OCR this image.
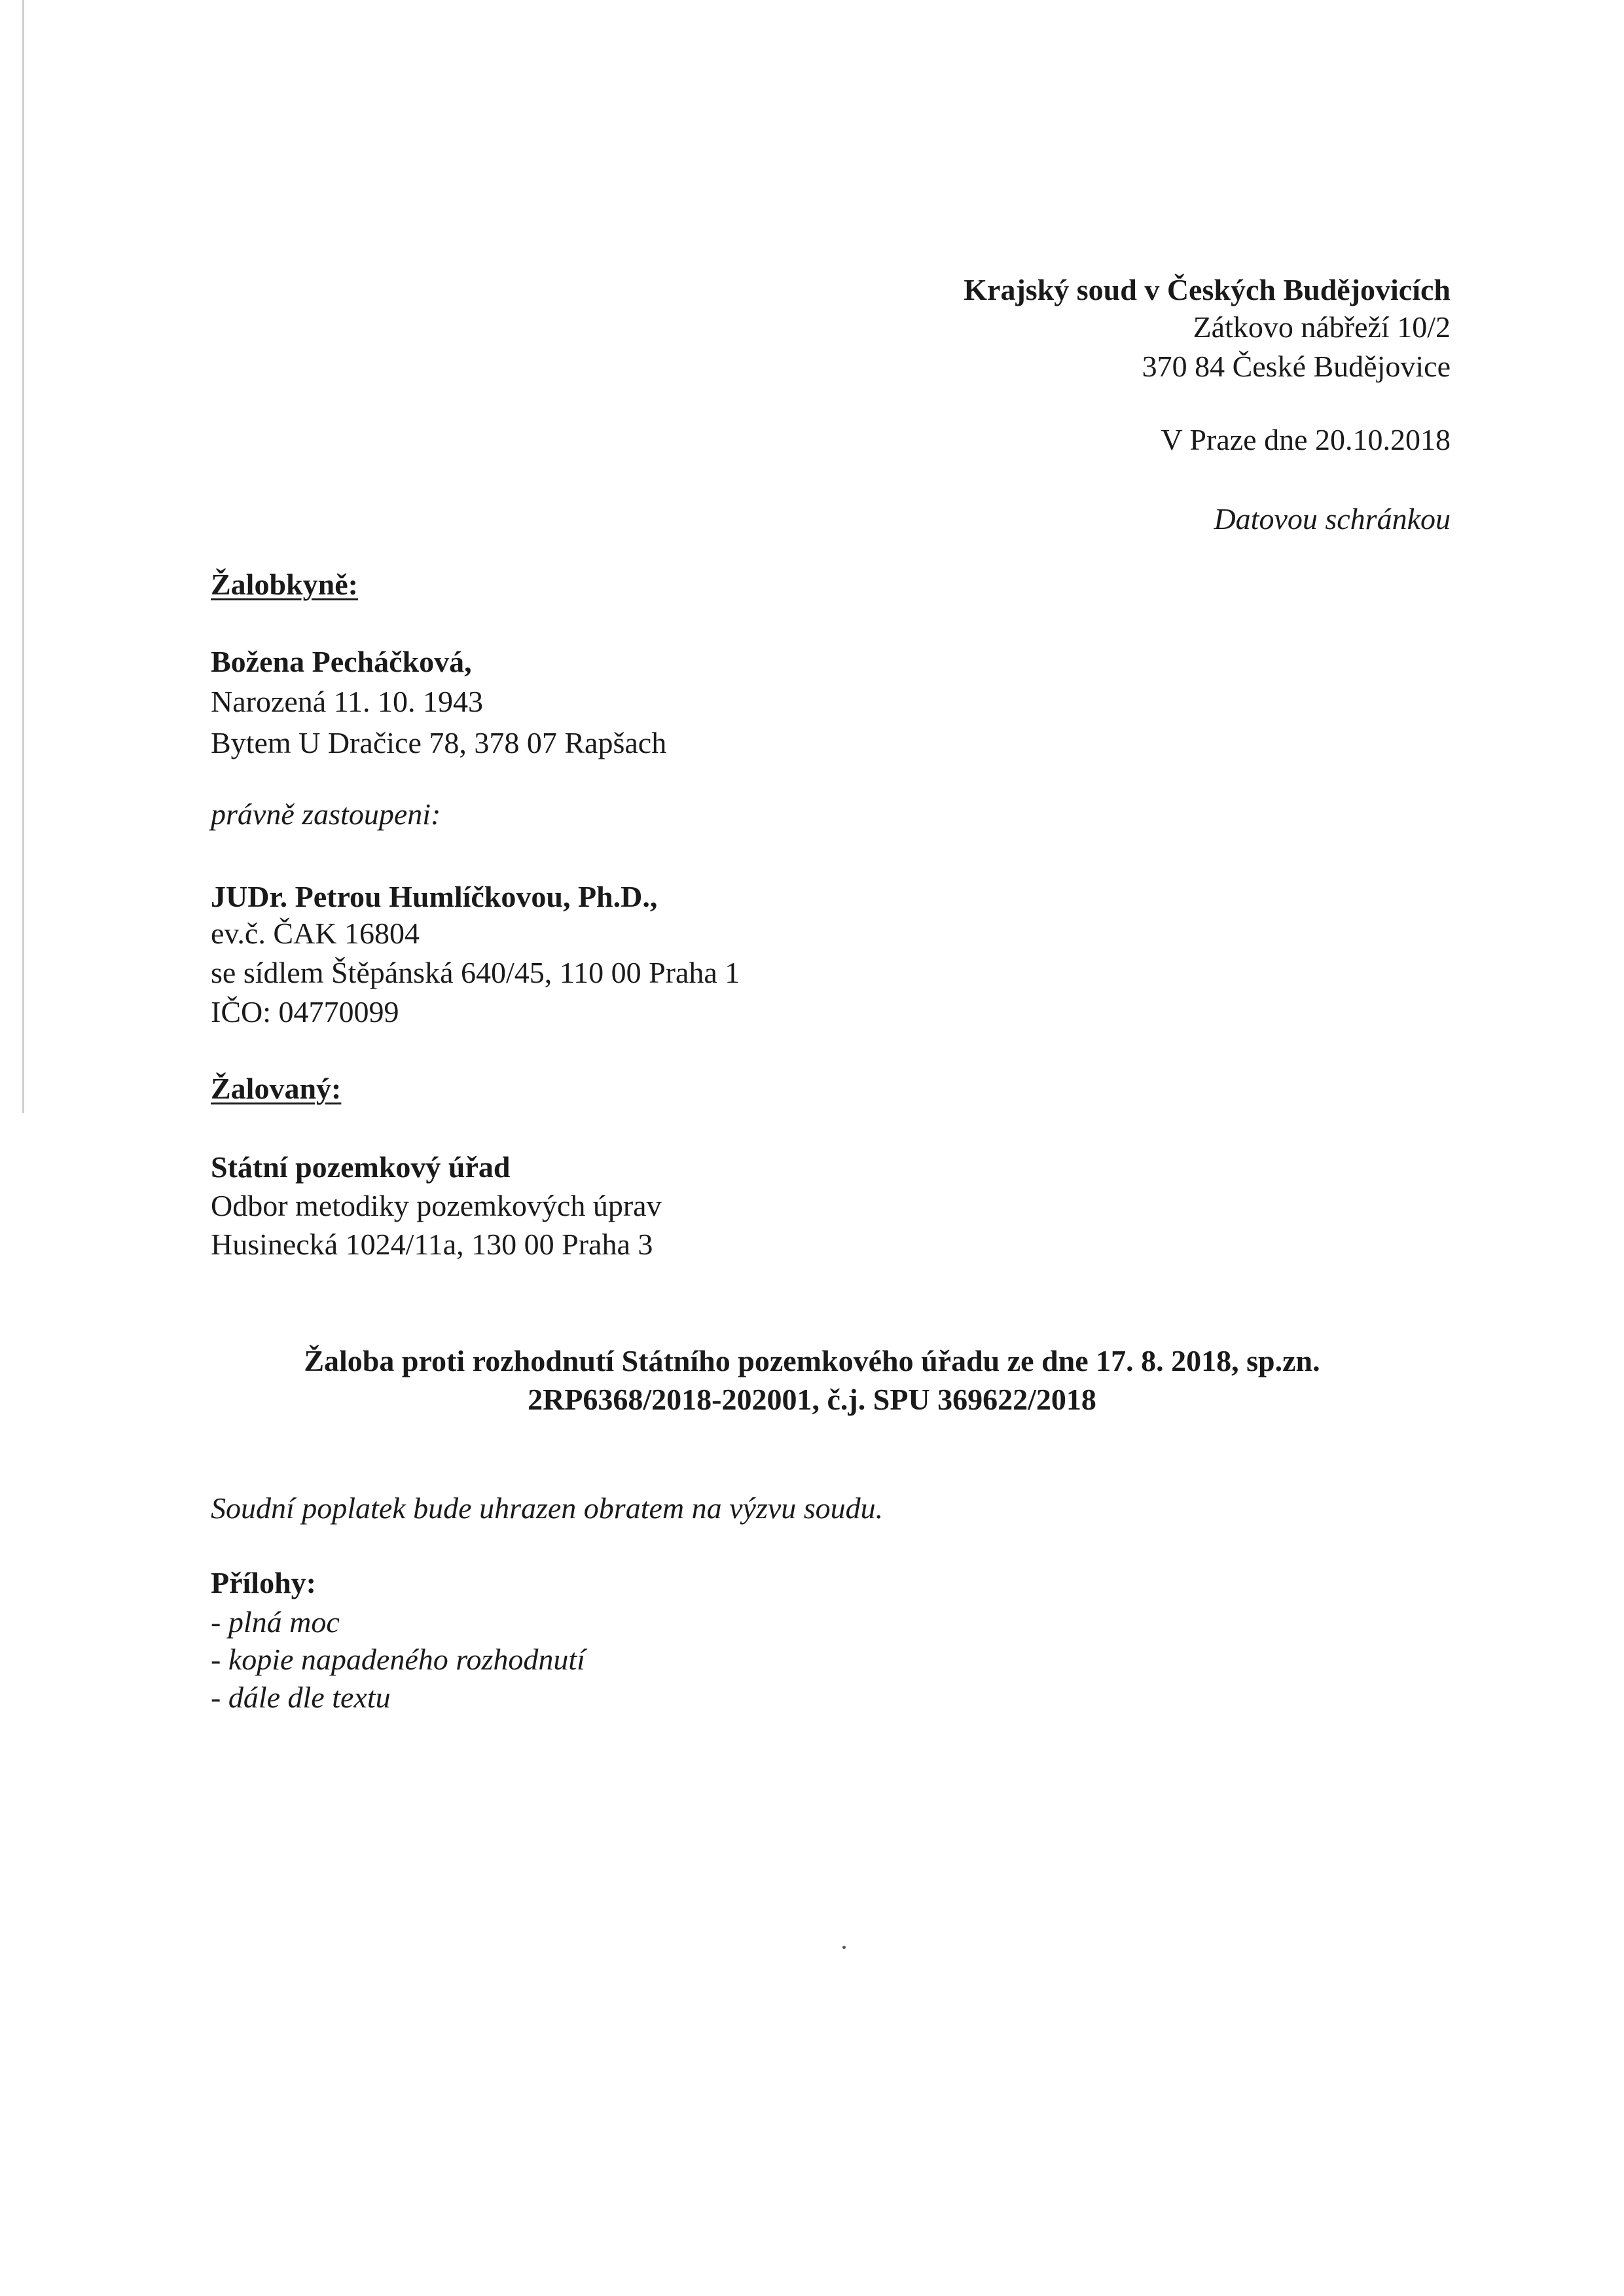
Krajský soud v Českých Budějovicích
Zátkovo nábřeží 10/2
370 84 České Budějovice
V Praze dne 20.10.2018
Datovou schránkou
Žalobkyně:
Božena Pecháčková,
Narozená 11. 10. 1943
Bytem U Dračice 78, 378 07 Rapšach
právně zastoupeni:
JUDr. Petrou Humlíčkovou, Ph.D.,
ev.č. ČAK 16804
se sídlem Štěpánská 640/45, 110 00 Praha 1
IČO: 04770099
Žalovaný:
Státní pozemkový úřad
Odbor metodiky pozemkových úprav
Husinecká 1024/11a, 130 00 Praha 3
Žaloba proti rozhodnutí Státního pozemkového úřadu ze dne 17. 8. 2018, sp.zn.
2RP6368/2018-202001, č.j. SPU 369622/2018
Soudní poplatek bude uhrazen obratem na výzvu soudu.
Přílohy:
- plná moc
- kopie napadeného rozhodnutí
- dále dle textu
